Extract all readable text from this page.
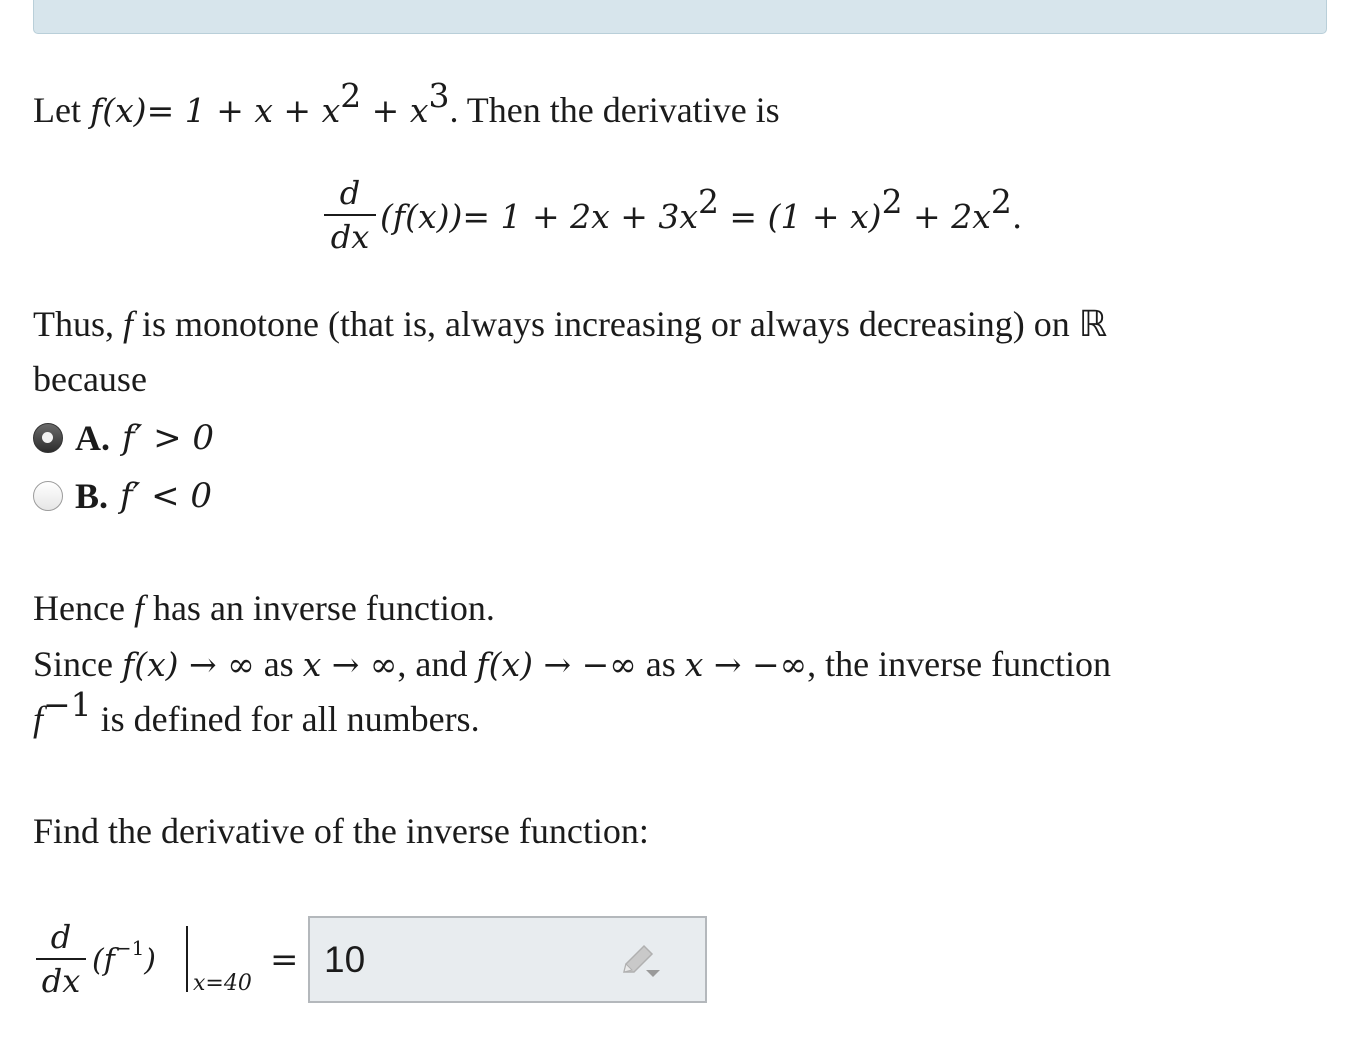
Let $f(x)= 1 + x + x^2 + x^3$. Then the derivative is
d
dx
$(f(x))= 1 + 2x + 3x^2 = (1 + x)^2 + 2x^2$.
Thus, f is monotone (that is, always increasing or always decreasing) on ℝ
because
A. f′ > 0
B. f′ < 0
Hence f has an inverse function.
Since f(x) → ∞ as x → ∞, and f(x) → −∞ as x → −∞, the inverse function
$f^{-1}$ is defined for all numbers.
Find the derivative of the inverse function:
d
dx
$(f^{-1})$
x=40
=
10
